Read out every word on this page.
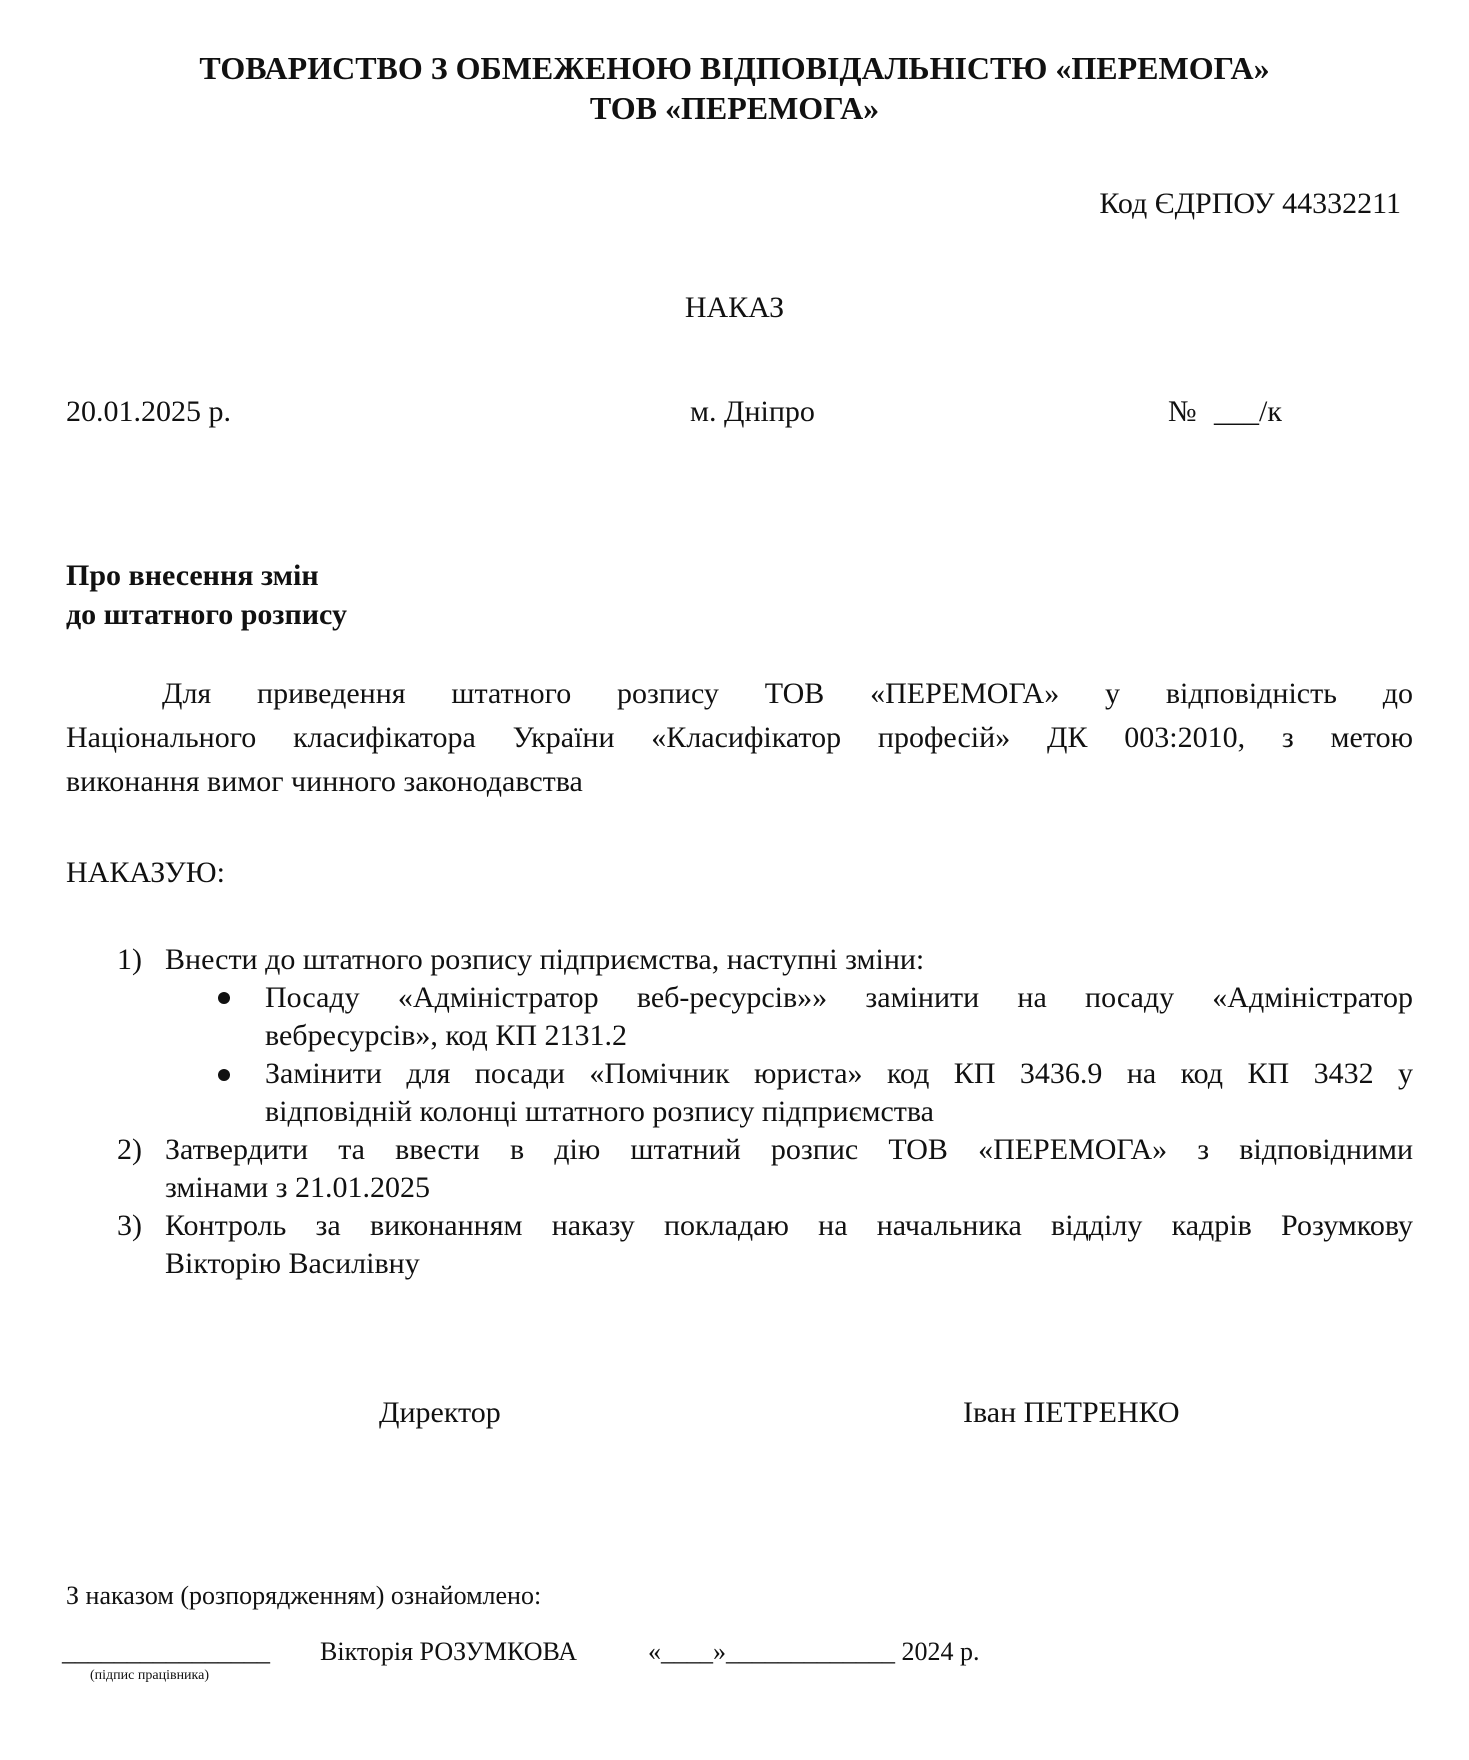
ТОВАРИСТВО З ОБМЕЖЕНОЮ ВІДПОВІДАЛЬНІСТЮ «ПЕРЕМОГА»
ТОВ «ПЕРЕМОГА»
Код ЄДРПОУ 44332211
НАКАЗ
20.01.2025 р.	м. Дніпро	№ ___/к
Про внесення змін
до штатного розпису
Для приведення штатного розпису ТОВ «ПЕРЕМОГА» у відповідність до
Національного класифікатора України «Класифікатор професій» ДК 003:2010, з метою
виконання вимог чинного законодавства
НАКАЗУЮ:
1) Внести до штатного розпису підприємства, наступні зміни:
Посаду «Адміністратор веб-ресурсів»» замінити на посаду «Адміністратор
вебресурсів», код КП 2131.2
Замінити для посади «Помічник юриста» код КП 3436.9 на код КП 3432 у
відповідній колонці штатного розпису підприємства
2) Затвердити та ввести в дію штатний розпис ТОВ «ПЕРЕМОГА» з відповідними
змінами з 21.01.2025
3) Контроль за виконанням наказу покладаю на начальника відділу кадрів Розумкову
Вікторію Василівну
Директор	Іван ПЕТРЕНКО
З наказом (розпорядженням) ознайомлено:
________________
(підпис працівника)
Вікторія РОЗУМКОВА	«____»_____________ 2024 р.
